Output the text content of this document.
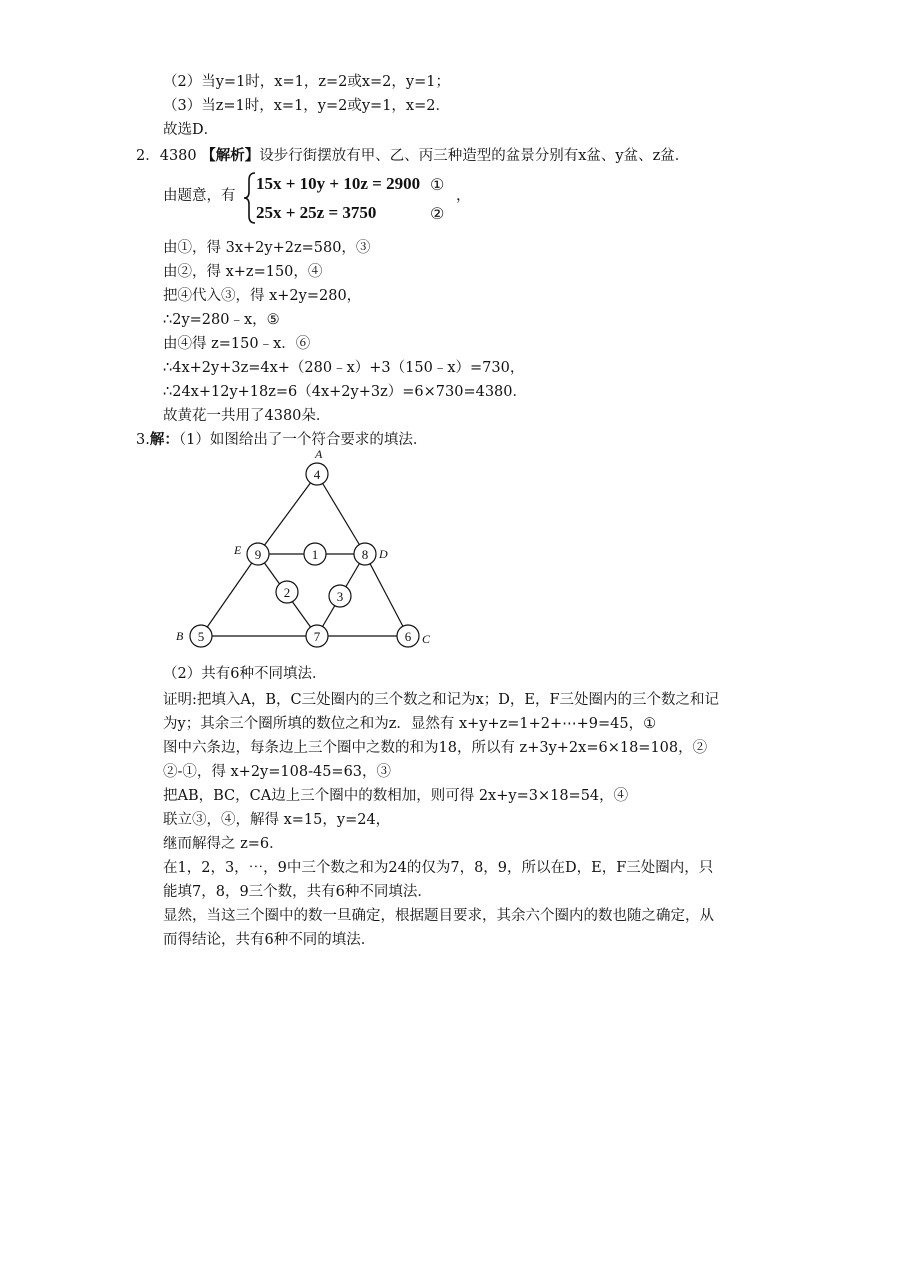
（2）当y=1时，x=1，z=2或x=2，y=1；
（3）当z=1时，x=1，y=2或y=1，x=2．
故选D．
2．4380 【解析】设步行街摆放有甲、乙、丙三种造型的盆景分别有x盆、y盆、z盆．
由题意，有
15x + 10y + 10z = 2900 ①
，
25x + 25z = 3750	②
由①，得 3x+2y+2z=580，③
由②，得 x+z=150，④
把④代入③，得 x+2y=280，
∴2y=280﹣x，⑤
由④得 z=150﹣x．⑥
∴4x+2y+3z=4x+（280﹣x）+3（150﹣x）=730，
∴24x+12y+18z=6（4x+2y+3z）=6×730=4380．
故黄花一共用了4380朵．
3.解：（1）如图给出了一个符合要求的填法．
4
9	1	8
2	3
5	7	6
A
E	D
B	C
（2）共有6种不同填法．
证明:把填入A，B，C三处圈内的三个数之和记为x；D，E，F三处圈内的三个数之和记
为y；其余三个圈所填的数位之和为z．显然有 x+y+z=1+2+⋯+9=45，①
图中六条边，每条边上三个圈中之数的和为18，所以有 z+3y+2x=6×18=108，②
②-①，得 x+2y=108-45=63，③
把AB，BC，CA边上三个圈中的数相加，则可得 2x+y=3×18=54，④
联立③，④，解得 x=15，y=24，
继而解得之 z=6．
在1，2，3，⋯，9中三个数之和为24的仅为7，8，9，所以在D，E，F三处圈内，只
能填7，8，9三个数，共有6种不同填法．
显然，当这三个圈中的数一旦确定，根据题目要求，其余六个圈内的数也随之确定，从
而得结论，共有6种不同的填法．
